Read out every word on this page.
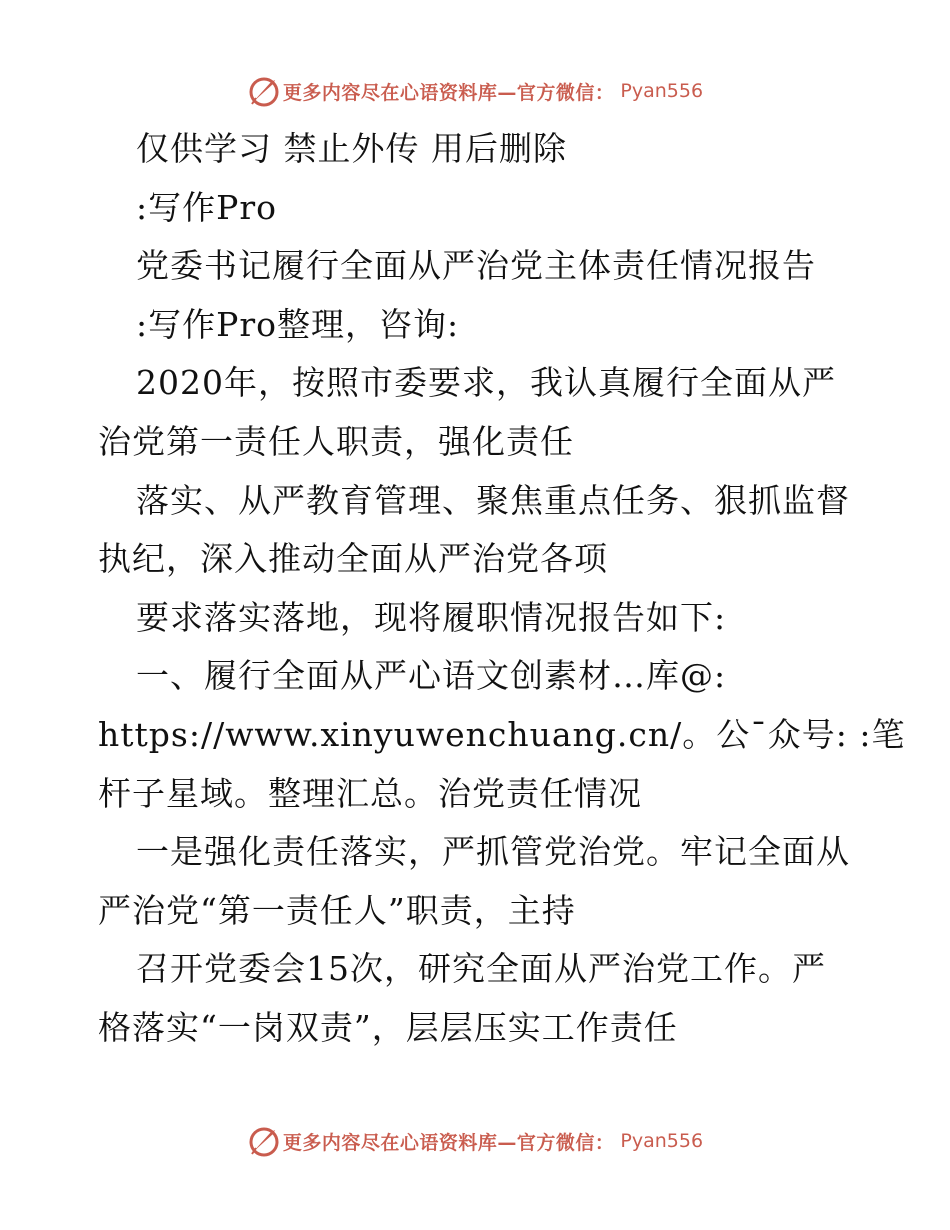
更多内容尽在心语资料库—官方微信： Pyan556
仅供学习 禁止外传 用后删除
:写作Pro
党委书记履行全面从严治党主体责任情况报告
:写作Pro整理，咨询:
2020年，按照市委要求，我认真履行全面从严
治党第一责任人职责，强化责任
落实、从严教育管理、聚焦重点任务、狠抓监督
执纪，深入推动全面从严治党各项
要求落实落地，现将履职情况报告如下:
一、履行全面从严心语文创素材…库@:
https://www.xinyuwenchuang.cn/。公¯众号: :笔
杆子星域。整理汇总。治党责任情况
一是强化责任落实，严抓管党治党。牢记全面从
严治党“第一责任人”职责，主持
召开党委会15次，研究全面从严治党工作。严
格落实“一岗双责”，层层压实工作责任
更多内容尽在心语资料库—官方微信： Pyan556
